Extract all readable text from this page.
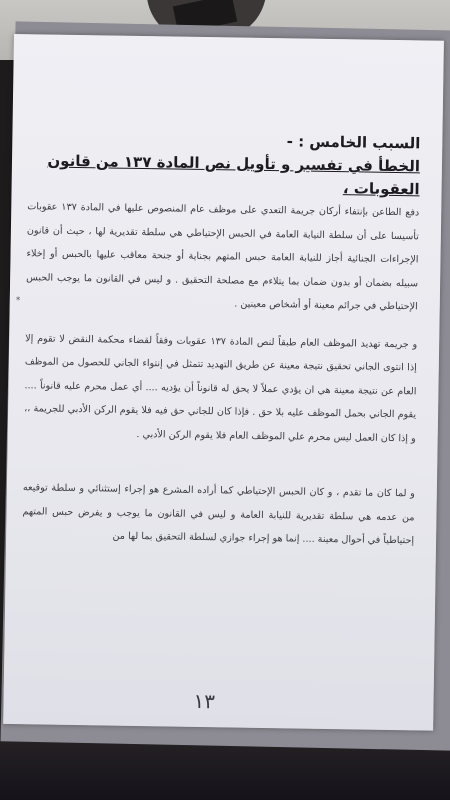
*

السبب الخامس : -

الخطأ في تفسير و تأويل نص المادة ١٣٧ من قانون

العقوبات ،

دفع الطاعن بإنتفاء أركان جريمة التعدي على موظف عام المنصوص عليها في المادة ١٣٧ عقوبات تأسيسا على أن سلطة النيابة العامة في الحبس الإحتياطي هي سلطة تقديرية لها ، حيث أن قانون الإجراءات الجنائية أجاز للنيابة العامة حبس المتهم بجناية أو جنحة معاقب عليها بالحبس أو إخلاء سبيله بضمان أو بدون ضمان بما يتلاءم مع مصلحة التحقيق . و ليس في القانون ما يوجب الحبس الإحتياطي في جرائم معينة أو أشخاص معينين .

و جريمة تهديد الموظف العام طبقاً لنص المادة ١٣٧ عقوبات وفقاً لقضاء محكمة النقض لا تقوم إلا إذا انتوى الجاني تحقيق نتيجة معينة عن طريق التهديد تتمثل في إنتواء الجاني للحصول من الموظف العام عن نتيجة معينة هي ان يؤدي عملاً لا يحق له قانوناً أن يؤديه .... أي عمل محرم عليه قانوناً .... يقوم الجاني بحمل الموظف عليه بلا حق . فإذا كان للجاني حق فيه فلا يقوم الركن الأدبي للجريمة ،، و إذا كان العمل ليس محرم علي الموظف العام فلا يقوم الركن الأدبي .

و لما كان ما تقدم ، و كان الحبس الإحتياطي كما أراده المشرع هو إجراء إستثنائي و سلطة توقيعه من عدمه هي سلطة تقديرية للنيابة العامة و ليس في القانون ما يوجب و يفرض حبس المتهم إحتياطياً في أحوال معينة .... إنما هو إجراء جوازي لسلطة التحقيق بما لها من

١٣
